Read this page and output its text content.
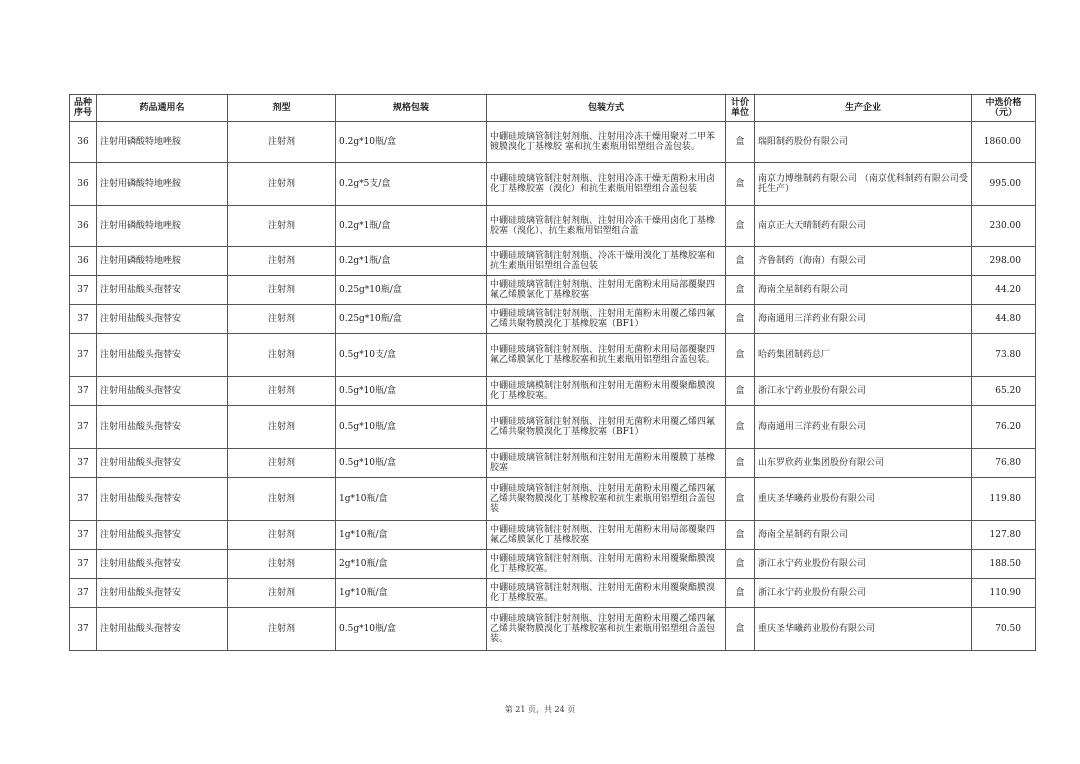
品种序号	药品通用名	剂型	规格包装	包装方式	计价单位	生产企业	中选价格（元）
36	注射用磷酸特地唑胺	注射剂	0.2g*10瓶/盒	中硼硅玻璃管制注射剂瓶、注射用冷冻干燥用聚对二甲苯镀膜溴化丁基橡胶 塞和抗生素瓶用铝塑组合盖包装。	盒	瑞阳制药股份有限公司	1860.00
36	注射用磷酸特地唑胺	注射剂	0.2g*5支/盒	中硼硅玻璃管制注射剂瓶、注射用冷冻干燥无菌粉末用卤化丁基橡胶塞（溴化）和抗生素瓶用铝塑组合盖包装	盒	南京力博维制药有限公司 （南京优科制药有限公司受托生产）	995.00
36	注射用磷酸特地唑胺	注射剂	0.2g*1瓶/盒	中硼硅玻璃管制注射剂瓶、注射用冷冻干燥用卤化丁基橡胶塞（溴化）、抗生素瓶用铝塑组合盖	盒	南京正大天晴制药有限公司	230.00
36	注射用磷酸特地唑胺	注射剂	0.2g*1瓶/盒	中硼硅玻璃管制注射剂瓶、冷冻干燥用溴化丁基橡胶塞和抗生素瓶用铝塑组合盖包装	盒	齐鲁制药（海南）有限公司	298.00
37	注射用盐酸头孢替安	注射剂	0.25g*10瓶/盒	中硼硅玻璃管制注射剂瓶、注射用无菌粉末用局部覆聚四氟乙烯膜氯化丁基橡胶塞	盒	海南全星制药有限公司	44.20
37	注射用盐酸头孢替安	注射剂	0.25g*10瓶/盒	中硼硅玻璃管制注射剂瓶、注射用无菌粉末用覆乙烯四氟乙烯共聚物膜溴化丁基橡胶塞（BF1）	盒	海南通用三洋药业有限公司	44.80
37	注射用盐酸头孢替安	注射剂	0.5g*10支/盒	中硼硅玻璃管制注射剂瓶、注射用无菌粉末用局部覆聚四氟乙烯膜氯化丁基橡胶塞和抗生素瓶用铝塑组合盖包装。	盒	哈药集团制药总厂	73.80
37	注射用盐酸头孢替安	注射剂	0.5g*10瓶/盒	中硼硅玻璃模制注射剂瓶和注射用无菌粉末用覆聚酯膜溴化丁基橡胶塞。	盒	浙江永宁药业股份有限公司	65.20
37	注射用盐酸头孢替安	注射剂	0.5g*10瓶/盒	中硼硅玻璃管制注射剂瓶、注射用无菌粉末用覆乙烯四氟乙烯共聚物膜溴化丁基橡胶塞（BF1）	盒	海南通用三洋药业有限公司	76.20
37	注射用盐酸头孢替安	注射剂	0.5g*10瓶/盒	中硼硅玻璃管制注射剂瓶和注射用无菌粉末用覆膜丁基橡胶塞	盒	山东罗欣药业集团股份有限公司	76.80
37	注射用盐酸头孢替安	注射剂	1g*10瓶/盒	中硼硅玻璃管制注射剂瓶、注射用无菌粉末用覆乙烯四氟乙烯共聚物膜溴化丁基橡胶塞和抗生素瓶用铝塑组合盖包装	盒	重庆圣华曦药业股份有限公司	119.80
37	注射用盐酸头孢替安	注射剂	1g*10瓶/盒	中硼硅玻璃管制注射剂瓶、注射用无菌粉末用局部覆聚四氟乙烯膜氯化丁基橡胶塞	盒	海南全星制药有限公司	127.80
37	注射用盐酸头孢替安	注射剂	2g*10瓶/盒	中硼硅玻璃管制注射剂瓶、注射用无菌粉末用覆聚酯膜溴化丁基橡胶塞。	盒	浙江永宁药业股份有限公司	188.50
37	注射用盐酸头孢替安	注射剂	1g*10瓶/盒	中硼硅玻璃管制注射剂瓶、注射用无菌粉末用覆聚酯膜溴化丁基橡胶塞。	盒	浙江永宁药业股份有限公司	110.90
37	注射用盐酸头孢替安	注射剂	0.5g*10瓶/盒	中硼硅玻璃管制注射剂瓶、注射用无菌粉末用覆乙烯四氟乙烯共聚物膜溴化丁基橡胶塞和抗生素瓶用铝塑组合盖包装。	盒	重庆圣华曦药业股份有限公司	70.50
第 21 页，共 24 页
